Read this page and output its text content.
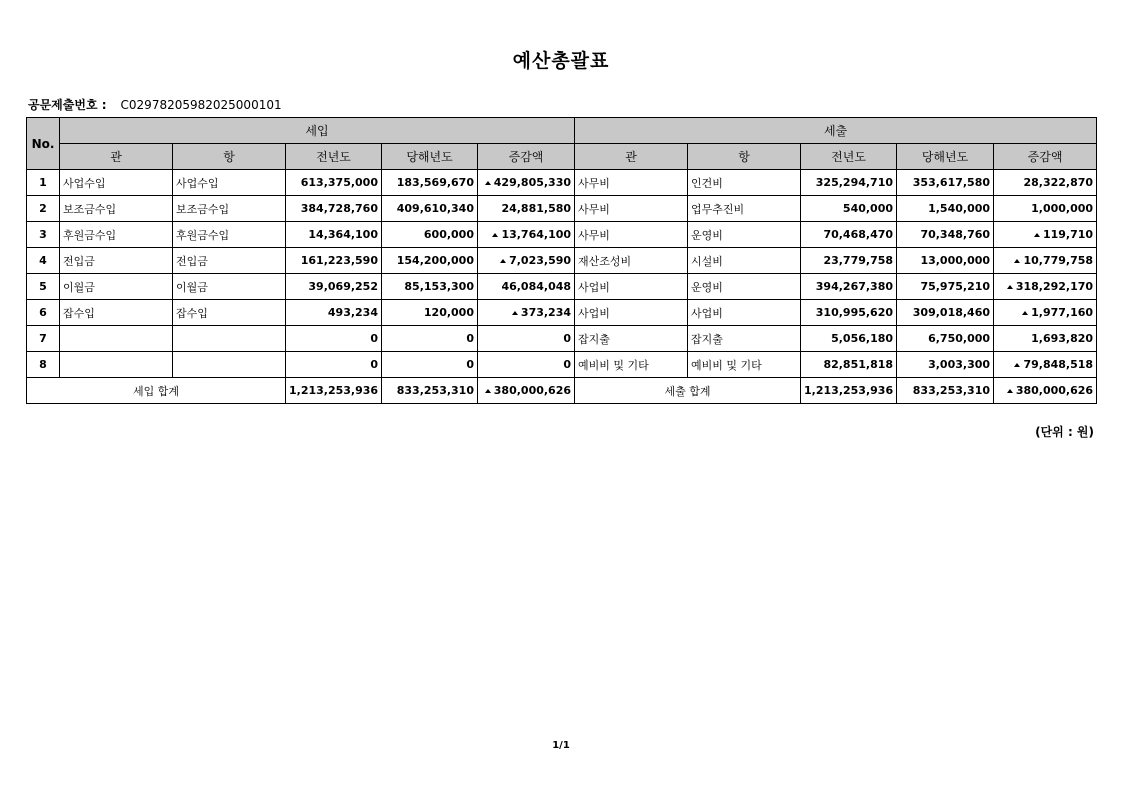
예산총괄표
공문제출번호 : C0297820598202500010​1
No.	세입					세출				
	관	항	전년도	당해년도	증감액	관	항	전년도	당해년도	증감액
1	사업수입	사업수입	613,375,000	183,569,670	429,805,330	사무비	인건비	325,294,710	353,617,580	28,322,870
2	보조금수입	보조금수입	384,728,760	409,610,340	24,881,580	사무비	업무추진비	540,000	1,540,000	1,000,000
3	후원금수입	후원금수입	14,364,100	600,000	13,764,100	사무비	운영비	70,468,470	70,348,760	119,710
4	전입금	전입금	161,223,590	154,200,000	7,023,590	재산조성비	시설비	23,779,758	13,000,000	10,779,758
5	이월금	이월금	39,069,252	85,153,300	46,084,048	사업비	운영비	394,267,380	75,975,210	318,292,170
6	잡수입	잡수입	493,234	120,000	373,234	사업비	사업비	310,995,620	309,018,460	1,977,160
7			0	0	0	잡지출	잡지출	5,056,180	6,750,000	1,693,820
8			0	0	0	예비비 및 기타	예비비 및 기타	82,851,818	3,003,300	79,848,518
세입 합계			1,213,253,936	833,253,310	380,000,626	세출 합계		1,213,253,936	833,253,310	380,000,626
(단위 : 원)
1/1
